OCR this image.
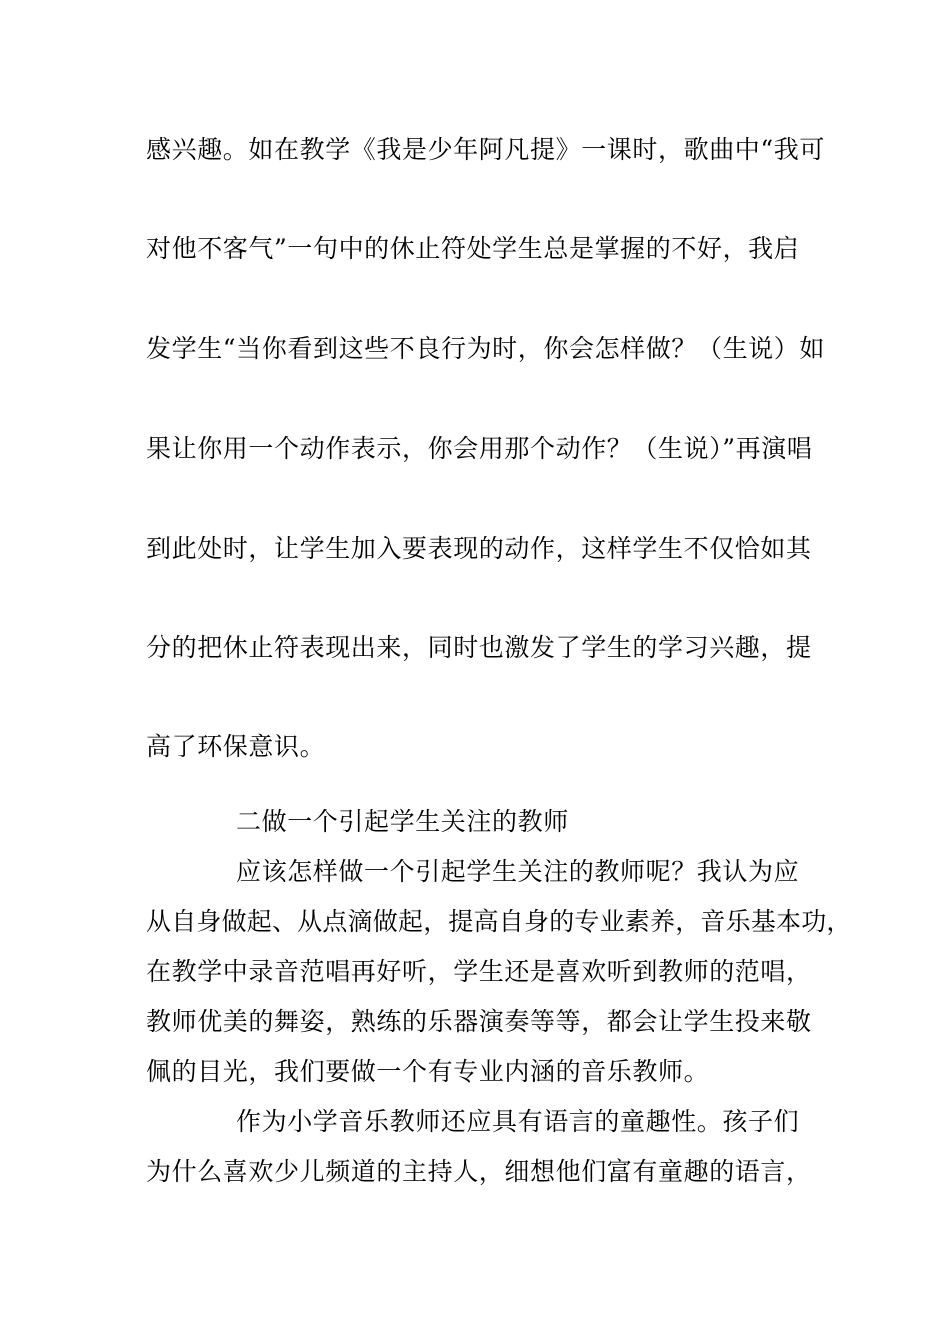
感兴趣。如在教学《我是少年阿凡提》一课时，歌曲中“我可
对他不客气”一句中的休止符处学生总是掌握的不好，我启
发学生“当你看到这些不良行为时，你会怎样做？（生说）如
果让你用一个动作表示，你会用那个动作？（生说）”再演唱
到此处时，让学生加入要表现的动作，这样学生不仅恰如其
分的把休止符表现出来，同时也激发了学生的学习兴趣，提
高了环保意识。
二做一个引起学生关注的教师
应该怎样做一个引起学生关注的教师呢？我认为应
从自身做起、从点滴做起，提高自身的专业素养，音乐基本功，
在教学中录音范唱再好听，学生还是喜欢听到教师的范唱，
教师优美的舞姿，熟练的乐器演奏等等，都会让学生投来敬
佩的目光，我们要做一个有专业内涵的音乐教师。
作为小学音乐教师还应具有语言的童趣性。孩子们
为什么喜欢少儿频道的主持人，细想他们富有童趣的语言，
